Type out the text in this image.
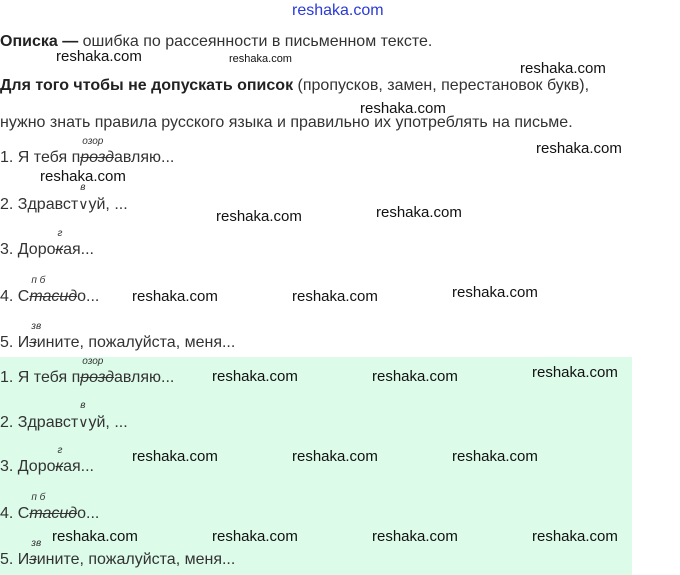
reshaka.com
Описка — ошибка по рассеянности в письменном тексте.
Для того чтобы не допускать описок (пропусков, замен, перестановок букв),
нужно знать правила русского языка и правильно их употреблять на письме.
1. Я тебя п
озор
роздавляю...
2. Здравст
в
∨уй, ...
3. Доро
г
кая...
4. С
п б
тасидо...
5. И
зв
зините, пожалуйста, меня...
1. Я тебя п
озор
роздавляю...
2. Здравст
в
∨уй, ...
3. Доро
г
кая...
4. С
п б
тасидо...
5. И
зв
зините, пожалуйста, меня...
reshaka.com	reshaka.com
reshaka.com
reshaka.com
reshaka.com
reshaka.com
reshaka.com	reshaka.com
reshaka.com	reshaka.com	reshaka.com
reshaka.com	reshaka.com	reshaka.com
reshaka.com	reshaka.com	reshaka.com
reshaka.com	reshaka.com	reshaka.com	reshaka.com
